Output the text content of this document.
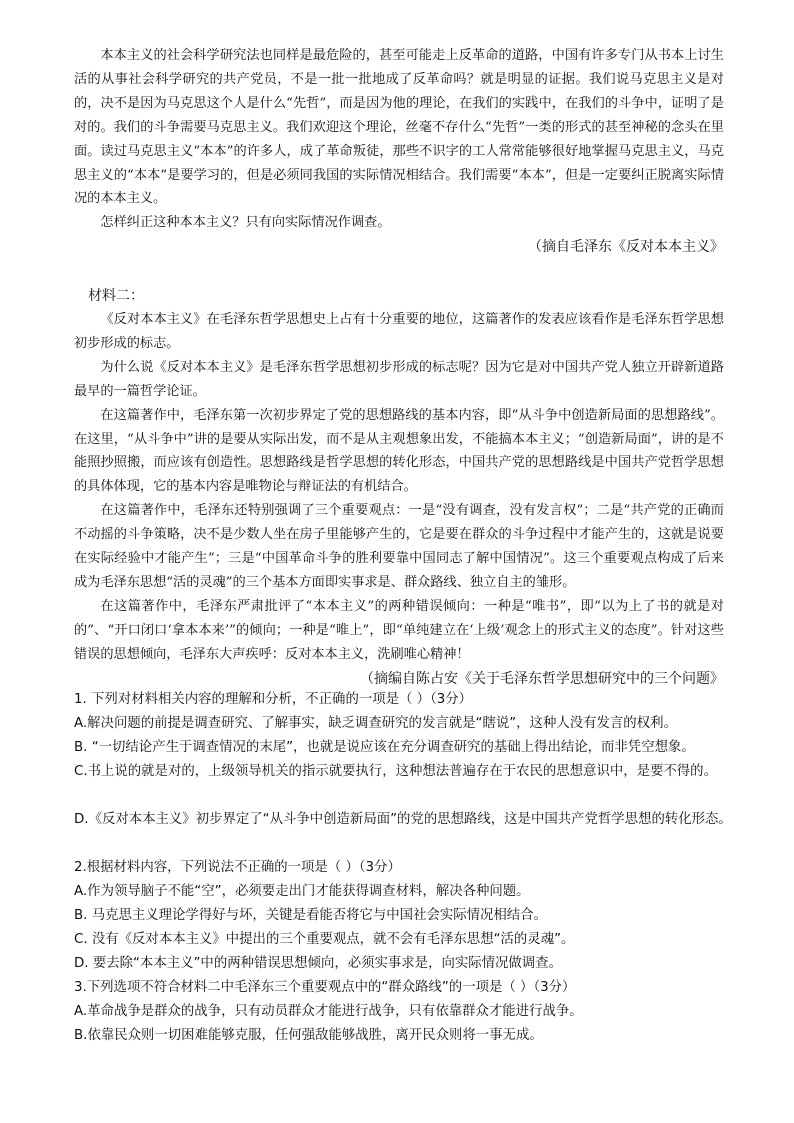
本本主义的社会科学研究法也同样是最危险的，甚至可能走上反革命的道路，中国有许多专门从书本上讨生活的从事社会科学研究的共产党员，不是一批一批地成了反革命吗？就是明显的证据。我们说马克思主义是对的，决不是因为马克思这个人是什么“先哲”，而是因为他的理论，在我们的实践中，在我们的斗争中，证明了是对的。我们的斗争需要马克思主义。我们欢迎这个理论，丝毫不存什么“先哲”一类的形式的甚至神秘的念头在里面。读过马克思主义“本本”的许多人，成了革命叛徒，那些不识字的工人常常能够很好地掌握马克思主义，马克思主义的“本本”是要学习的，但是必须同我国的实际情况相结合。我们需要“本本”，但是一定要纠正脱离实际情况的本本主义。

怎样纠正这种本本主义？只有向实际情况作调查。

（摘自毛泽东《反对本本主义》

材料二：

《反对本本主义》在毛泽东哲学思想史上占有十分重要的地位，这篇著作的发表应该看作是毛泽东哲学思想初步形成的标志。

为什么说《反对本本主义》是毛泽东哲学思想初步形成的标志呢？因为它是对中国共产党人独立开辟新道路最早的一篇哲学论证。

在这篇著作中，毛泽东第一次初步界定了党的思想路线的基本内容，即“从斗争中创造新局面的思想路线”。在这里，“从斗争中”讲的是要从实际出发，而不是从主观想象出发，不能搞本本主义；“创造新局面”，讲的是不能照抄照搬，而应该有创造性。思想路线是哲学思想的转化形态，中国共产党的思想路线是中国共产党哲学思想的具体体现，它的基本内容是唯物论与辩证法的有机结合。

在这篇著作中，毛泽东还特别强调了三个重要观点：一是“没有调查，没有发言权”；二是“共产党的正确而不动摇的斗争策略，决不是少数人坐在房子里能够产生的，它是要在群众的斗争过程中才能产生的，这就是说要在实际经验中才能产生”；三是“中国革命斗争的胜利要靠中国同志了解中国情况”。这三个重要观点构成了后来成为毛泽东思想“活的灵魂”的三个基本方面即实事求是、群众路线、独立自主的雏形。

在这篇著作中，毛泽东严肃批评了“本本主义”的两种错误倾向：一种是“唯书”，即“以为上了书的就是对的”、“开口闭口‘拿本本来’”的倾向；一种是“唯上”，即“单纯建立在‘上级’观念上的形式主义的态度”。针对这些错误的思想倾向，毛泽东大声疾呼：反对本本主义，洗刷唯心精神！

（摘编自陈占安《关于毛泽东哲学思想研究中的三个问题》

1. 下列对材料相关内容的理解和分析，不正确的一项是（ ）（3分）

A.解决问题的前提是调查研究、了解事实，缺乏调查研究的发言就是“瞎说”，这种人没有发言的权利。

B. “一切结论产生于调查情况的末尾”，也就是说应该在充分调查研究的基础上得出结论，而非凭空想象。

C.书上说的就是对的，上级领导机关的指示就要执行，这种想法普遍存在于农民的思想意识中，是要不得的。

D.《反对本本主义》初步界定了“从斗争中创造新局面”的党的思想路线，这是中国共产党哲学思想的转化形态。

2.根据材料内容，下列说法不正确的一项是（ ）（3分）

A.作为领导脑子不能“空”，必须要走出门才能获得调查材料，解决各种问题。

B. 马克思主义理论学得好与坏，关键是看能否将它与中国社会实际情况相结合。

C. 没有《反对本本主义》中提出的三个重要观点，就不会有毛泽东思想“活的灵魂”。

D. 要去除“本本主义”中的两种错误思想倾向，必须实事求是，向实际情况做调查。

3.下列选项不符合材料二中毛泽东三个重要观点中的“群众路线”的一项是（ ）（3分）

A.革命战争是群众的战争，只有动员群众才能进行战争，只有依靠群众才能进行战争。

B.依靠民众则一切困难能够克服，任何强敌能够战胜，离开民众则将一事无成。
